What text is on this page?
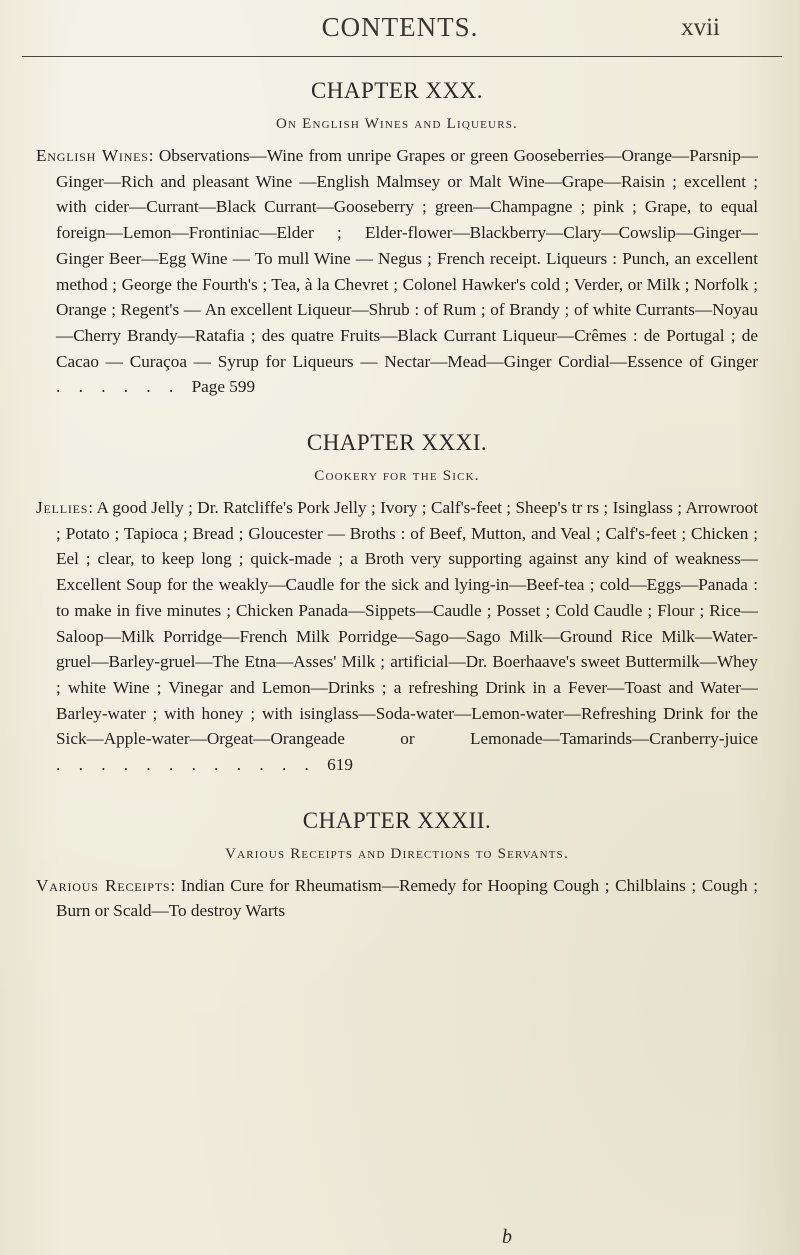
CONTENTS.	xvii
CHAPTER XXX.
On English Wines and Liqueurs.

English Wines: Observations—Wine from unripe Grapes or green Gooseberries—Orange—Parsnip—Ginger—Rich and pleasant Wine —English Malmsey or Malt Wine—Grape—Raisin ; excellent ; with cider—Currant—Black Currant—Gooseberry ; green—Champagne ; pink ; Grape, to equal foreign—Lemon—Frontiniac—Elder ; Elder-flower—Blackberry—Clary—Cowslip—Ginger—Ginger Beer—Egg Wine — To mull Wine — Negus ; French receipt. Liqueurs : Punch, an excellent method ; George the Fourth's ; Tea, à la Chevret ; Colonel Hawker's cold ; Verder, or Milk ; Norfolk ; Orange ; Regent's — An excellent Liqueur—Shrub : of Rum ; of Brandy ; of white Currants—Noyau—Cherry Brandy—Ratafia ; des quatre Fruits—Black Currant Liqueur—Crêmes : de Portugal ; de Cacao — Curaçoa — Syrup for Liqueurs — Nectar—Mead—Ginger Cordial—Essence of Ginger . . . . . . Page 599

CHAPTER XXXI.
Cookery for the Sick.

Jellies: A good Jelly ; Dr. Ratcliffe's Pork Jelly ; Ivory ; Calf's-feet ; Sheep's tr rs ; Isinglass ; Arrowroot ; Potato ; Tapioca ; Bread ; Gloucester — Broths : of Beef, Mutton, and Veal ; Calf's-feet ; Chicken ; Eel ; clear, to keep long ; quick-made ; a Broth very supporting against any kind of weakness—Excellent Soup for the weakly—Caudle for the sick and lying-in—Beef-tea ; cold—Eggs—Panada : to make in five minutes ; Chicken Panada—Sippets—Caudle ; Posset ; Cold Caudle ; Flour ; Rice—Saloop—Milk Porridge—French Milk Porridge—Sago—Sago Milk—Ground Rice Milk—Water-gruel—Barley-gruel—The Etna—Asses' Milk ; artificial—Dr. Boerhaave's sweet Buttermilk—Whey ; white Wine ; Vinegar and Lemon—Drinks ; a refreshing Drink in a Fever—Toast and Water—Barley-water ; with honey ; with isinglass—Soda-water—Lemon-water—Refreshing Drink for the Sick—Apple-water—Orgeat—Orangeade or Lemonade—Tamarinds—Cranberry-juice . . . . . . . . . . . . 619

CHAPTER XXXII.
Various Receipts and Directions to Servants.

Various Receipts: Indian Cure for Rheumatism—Remedy for Hooping Cough ; Chilblains ; Cough ; Burn or Scald—To destroy Warts

b
